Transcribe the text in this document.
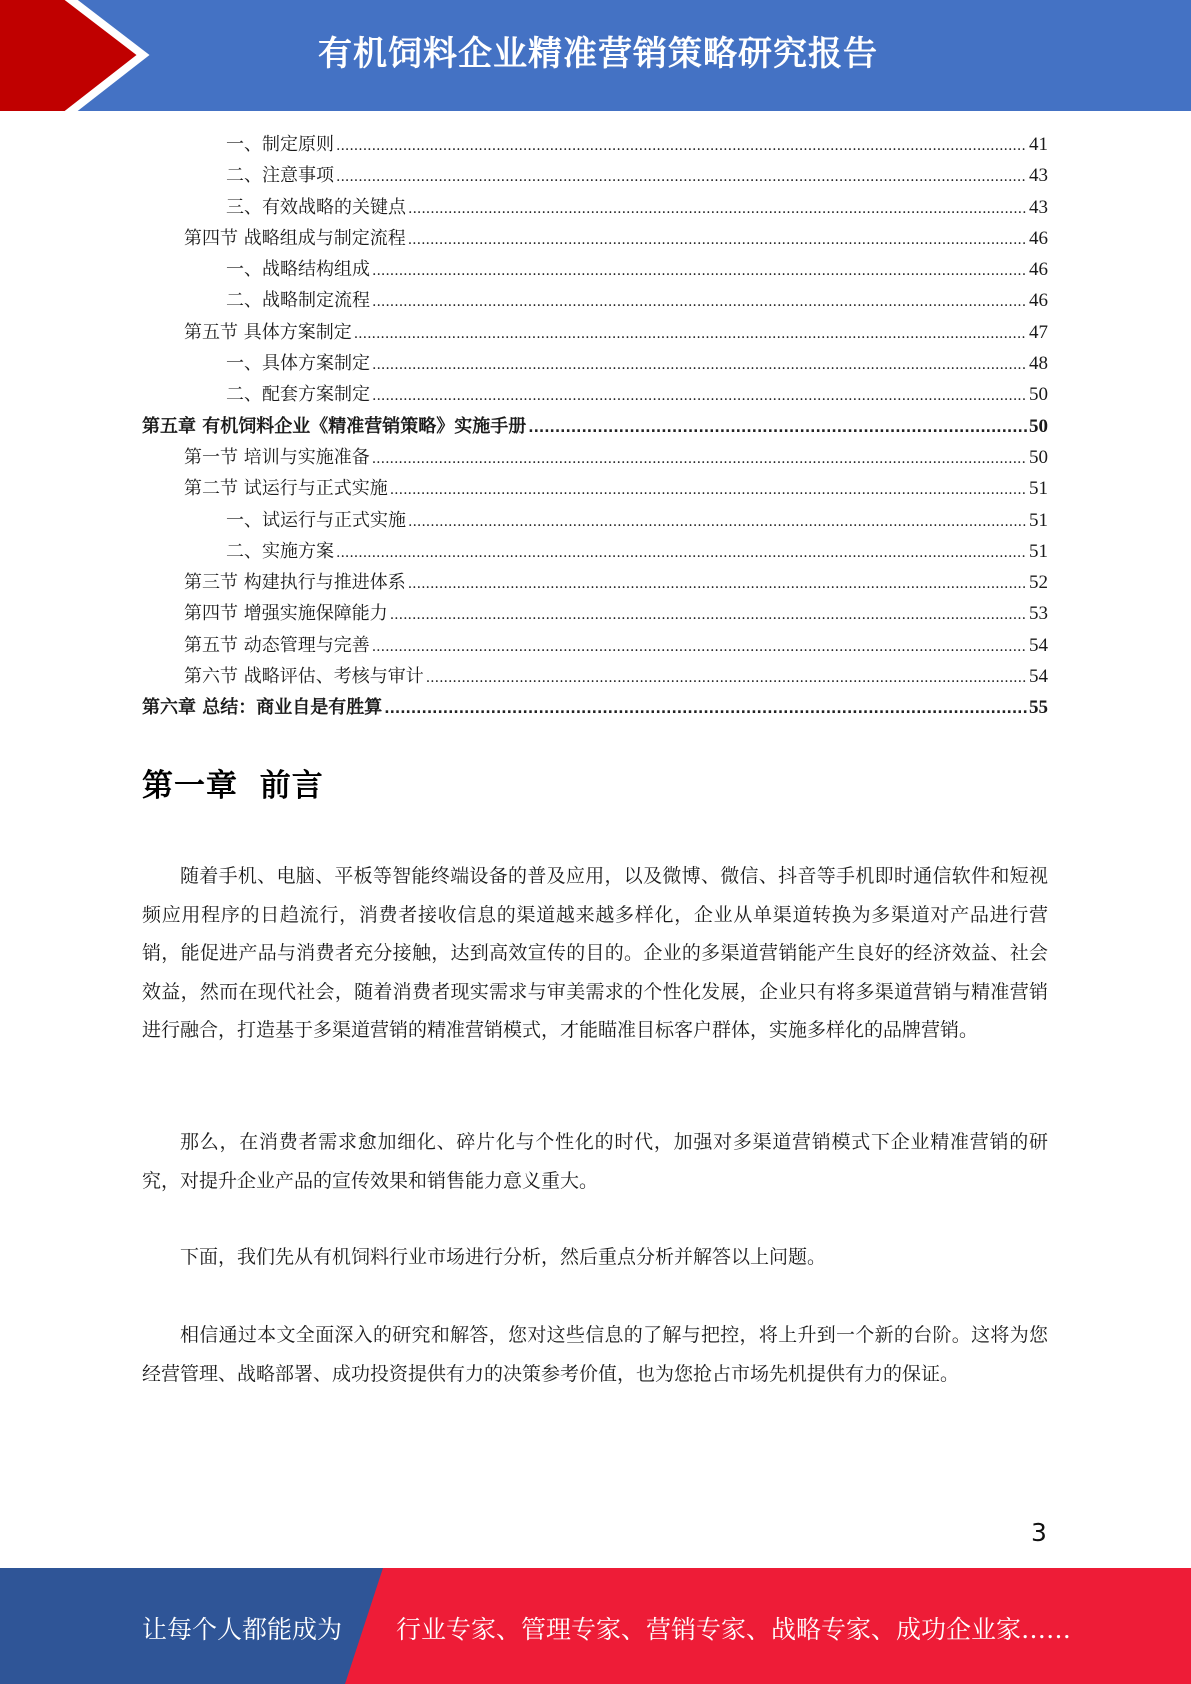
有机饲料企业精准营销策略研究报告
一、制定原则 .....	41
二、注意事项 .....	43
三、有效战略的关键点 .....	43
第四节 战略组成与制定流程 .....	46
一、战略结构组成 .....	46
二、战略制定流程 .....	46
第五节 具体方案制定 .....	47
一、具体方案制定 .....	48
二、配套方案制定 .....	50
第五章 有机饲料企业《精准营销策略》实施手册 .....	50
第一节 培训与实施准备 .....	50
第二节 试运行与正式实施 .....	51
一、试运行与正式实施 .....	51
二、实施方案 .....	51
第三节 构建执行与推进体系 .....	52
第四节 增强实施保障能力 .....	53
第五节 动态管理与完善 .....	54
第六节 战略评估、考核与审计 .....	54
第六章 总结：商业自是有胜算 .....	55
第一章 前言

随着手机、电脑、平板等智能终端设备的普及应用，以及微博、微信、抖音等手机即时通信软件和短视频应用程序的日趋流行，消费者接收信息的渠道越来越多样化，企业从单渠道转换为多渠道对产品进行营销，能促进产品与消费者充分接触，达到高效宣传的目的。企业的多渠道营销能产生良好的经济效益、社会效益，然而在现代社会，随着消费者现实需求与审美需求的个性化发展，企业只有将多渠道营销与精准营销进行融合，打造基于多渠道营销的精准营销模式，才能瞄准目标客户群体，实施多样化的品牌营销。

那么，在消费者需求愈加细化、碎片化与个性化的时代，加强对多渠道营销模式下企业精准营销的研究，对提升企业产品的宣传效果和销售能力意义重大。

下面，我们先从有机饲料行业市场进行分析，然后重点分析并解答以上问题。

相信通过本文全面深入的研究和解答，您对这些信息的了解与把控，将上升到一个新的台阶。这将为您经营管理、战略部署、成功投资提供有力的决策参考价值，也为您抢占市场先机提供有力的保证。

3
让每个人都能成为 行业专家、管理专家、营销专家、战略专家、成功企业家……
